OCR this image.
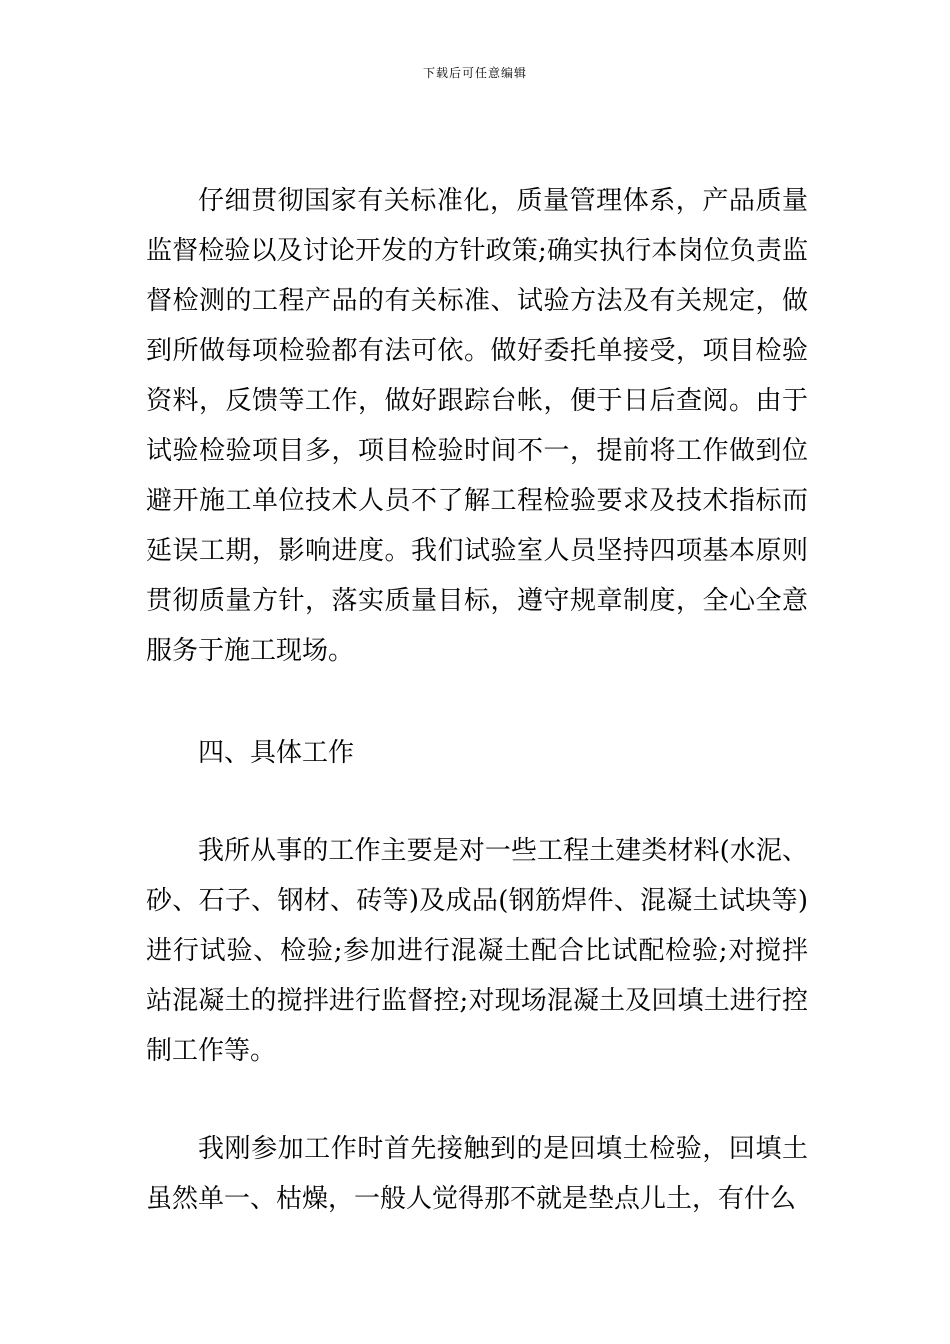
下载后可任意编辑

仔细贯彻国家有关标准化，质量管理体系，产品质量监督检验以及讨论开发的方针政策;确实执行本岗位负责监督检测的工程产品的有关标准、试验方法及有关规定，做到所做每项检验都有法可依。做好委托单接受，项目检验资料，反馈等工作，做好跟踪台帐，便于日后查阅。由于试验检验项目多，项目检验时间不一，提前将工作做到位避开施工单位技术人员不了解工程检验要求及技术指标而延误工期，影响进度。我们试验室人员坚持四项基本原则贯彻质量方针，落实质量目标，遵守规章制度，全心全意服务于施工现场。

四、具体工作

我所从事的工作主要是对一些工程土建类材料(水泥、砂、石子、钢材、砖等)及成品(钢筋焊件、混凝土试块等)进行试验、检验;参加进行混凝土配合比试配检验;对搅拌站混凝土的搅拌进行监督控;对现场混凝土及回填土进行控制工作等。

我刚参加工作时首先接触到的是回填土检验，回填土虽然单一、枯燥，一般人觉得那不就是垫点儿土，有什么
